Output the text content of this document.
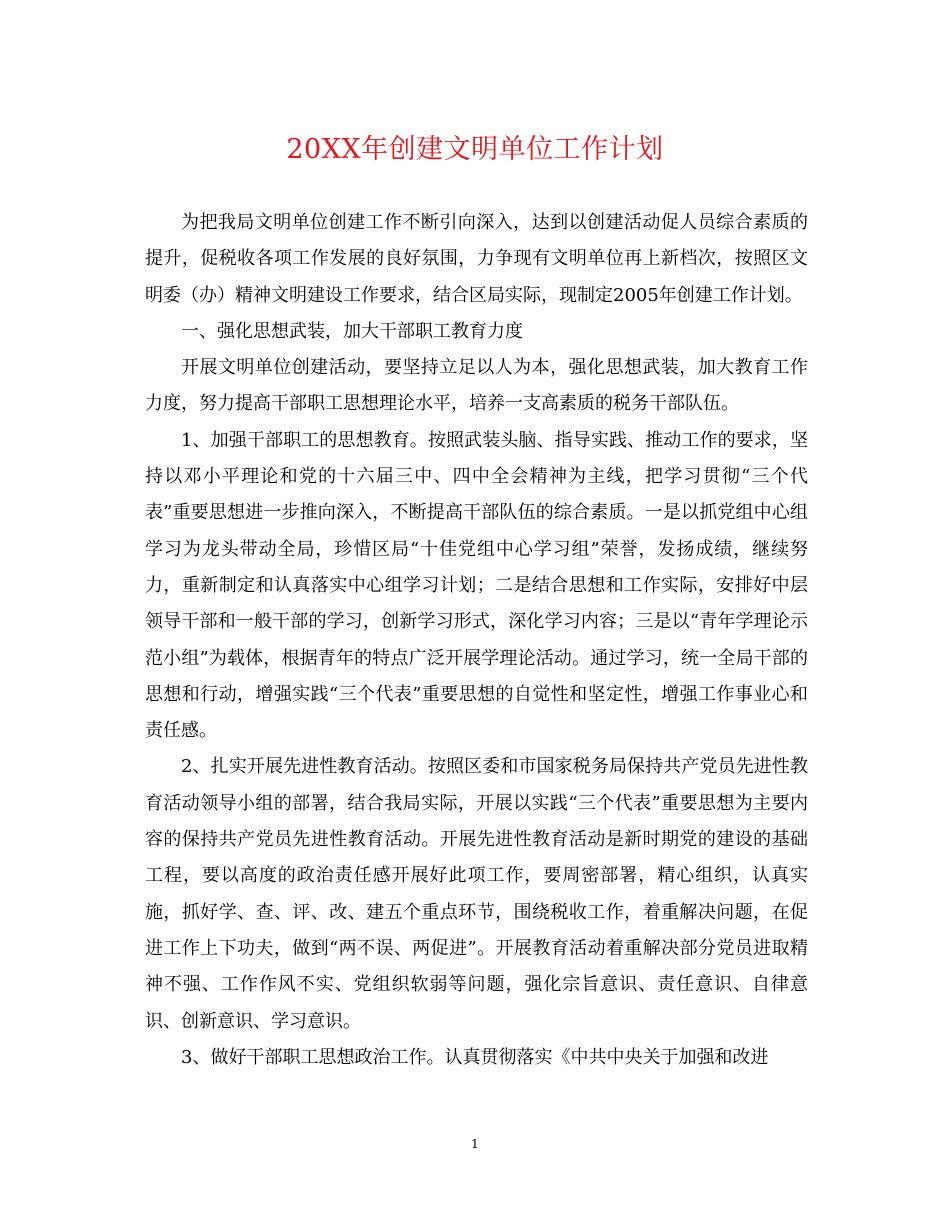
20XX年创建文明单位工作计划

为把我局文明单位创建工作不断引向深入，达到以创建活动促人员综合素质的提升，促税收各项工作发展的良好氛围，力争现有文明单位再上新档次，按照区文明委（办）精神文明建设工作要求，结合区局实际，现制定2005年创建工作计划。

一、强化思想武装，加大干部职工教育力度

开展文明单位创建活动，要坚持立足以人为本，强化思想武装，加大教育工作力度，努力提高干部职工思想理论水平，培养一支高素质的税务干部队伍。

1、加强干部职工的思想教育。按照武装头脑、指导实践、推动工作的要求，坚持以邓小平理论和党的十六届三中、四中全会精神为主线，把学习贯彻“三个代表”重要思想进一步推向深入，不断提高干部队伍的综合素质。一是以抓党组中心组学习为龙头带动全局，珍惜区局“十佳党组中心学习组”荣誉，发扬成绩，继续努力，重新制定和认真落实中心组学习计划；二是结合思想和工作实际，安排好中层领导干部和一般干部的学习，创新学习形式，深化学习内容；三是以“青年学理论示范小组”为载体，根据青年的特点广泛开展学理论活动。通过学习，统一全局干部的思想和行动，增强实践“三个代表”重要思想的自觉性和坚定性，增强工作事业心和责任感。

2、扎实开展先进性教育活动。按照区委和市国家税务局保持共产党员先进性教育活动领导小组的部署，结合我局实际，开展以实践“三个代表”重要思想为主要内容的保持共产党员先进性教育活动。开展先进性教育活动是新时期党的建设的基础工程，要以高度的政治责任感开展好此项工作，要周密部署，精心组织，认真实施，抓好学、查、评、改、建五个重点环节，围绕税收工作，着重解决问题，在促进工作上下功夫，做到“两不误、两促进”。开展教育活动着重解决部分党员进取精神不强、工作作风不实、党组织软弱等问题，强化宗旨意识、责任意识、自律意识、创新意识、学习意识。

3、做好干部职工思想政治工作。认真贯彻落实《中共中央关于加强和改进

1
